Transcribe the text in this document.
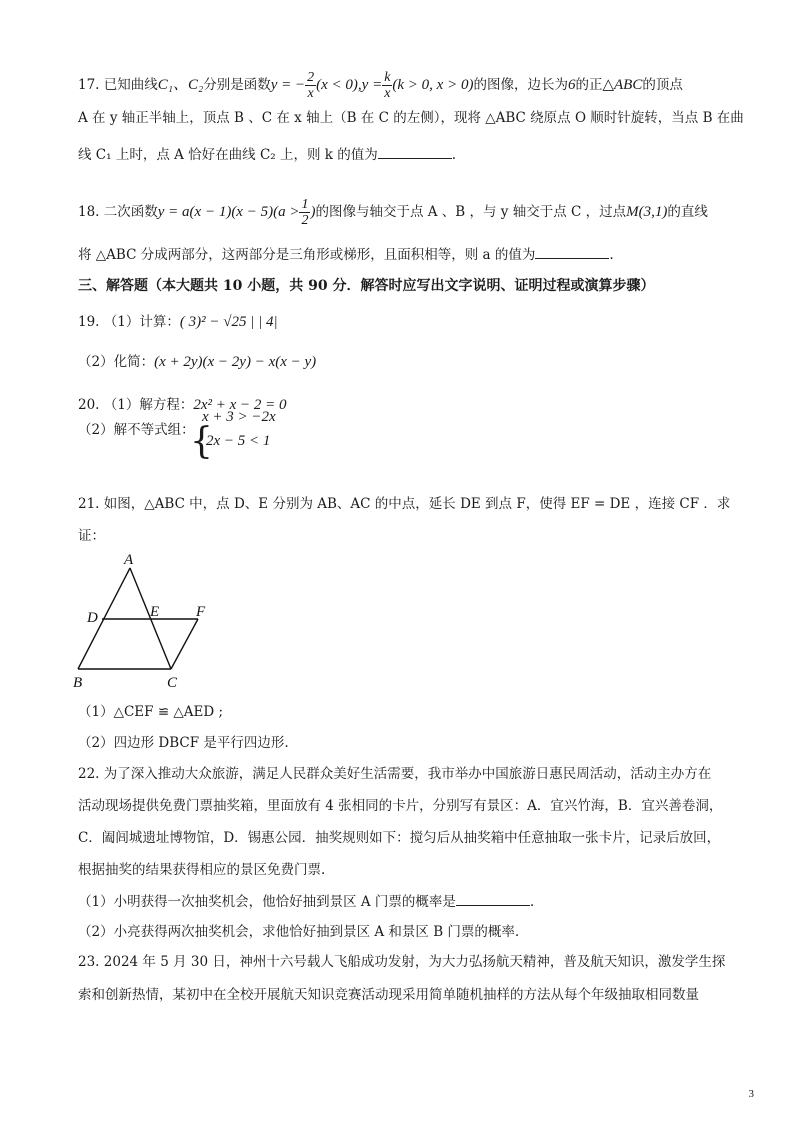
17. 已知曲线C₁、C₂分别是函数y = − $\frac{2}{x} (x < 0),y = \frac{k}{x} (k > 0$, x > 0)的图像，边长为6的正△ABC的顶点
A 在 y 轴正半轴上，顶点 B 、C 在 x 轴上（B 在 C 的左侧），现将 △ABC 绕原点 O 顺时针旋转，当点 B 在曲
线 C₁ 上时，点 A 恰好在曲线 C₂ 上，则 k 的值为	.
18. 二次函数$y = a(x - 1)(x - 5)(a > \frac{1}{2}$ )的图像与轴交于点 A 、B ，与 y 轴交于点 C ，过点M(3,1)的直线
将 △ABC 分成两部分，这两部分是三角形或梯形，且面积相等，则 a 的值为	.
三、解答题（本大题共 10 小题，共 90 分．解答时应写出文字说明、证明过程或演算步骤）
19. （1）计算：( 3)² − √25 | | 4|
（2）化简：(x + 2y)(x − 2y) − x(x − y)
20. （1）解方程：2x² + x − 2 = 0
（2）解不等式组：
{
x + 3 > −2x
2x − 5 < 1
21. 如图，△ABC 中，点 D、E 分别为 AB、AC 的中点，延长 DE 到点 F，使得 EF = DE ，连接 CF ．求
证：
A
D	E F
B	C
（1）△CEF ≌ △AED ;
（2）四边形 DBCF 是平行四边形.
22. 为了深入推动大众旅游，满足人民群众美好生活需要，我市举办中国旅游日惠民周活动，活动主办方在
活动现场提供免费门票抽奖箱，里面放有 4 张相同的卡片，分别写有景区：A．宜兴竹海，B．宜兴善卷洞，
C．阖闾城遗址博物馆，D．锡惠公园．抽奖规则如下：搅匀后从抽奖箱中任意抽取一张卡片，记录后放回，
根据抽奖的结果获得相应的景区免费门票.
（1）小明获得一次抽奖机会，他恰好抽到景区 A 门票的概率是	.
（2）小亮获得两次抽奖机会，求他恰好抽到景区 A 和景区 B 门票的概率.
23. 2024 年 5 月 30 日，神州十六号载人飞船成功发射，为大力弘扬航天精神，普及航天知识，激发学生探
索和创新热情，某初中在全校开展航天知识竞赛活动现采用简单随机抽样的方法从每个年级抽取相同数量
3
